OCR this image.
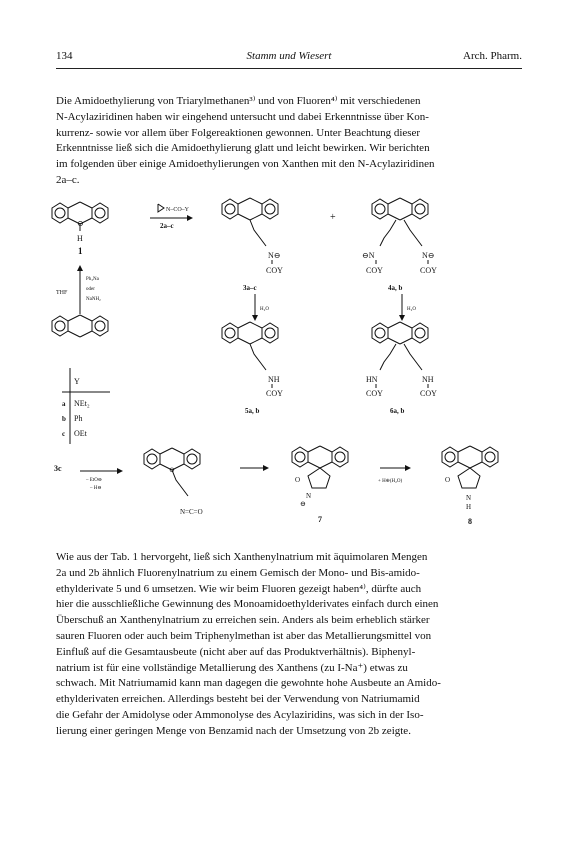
134	Stamm und Wiesert	Arch. Pharm.

Die Amidoethylierung von Triarylmethanen³⁾ und von Fluoren⁴⁾ mit verschiedenen
N-Acylaziridinen haben wir eingehend untersucht und dabei Erkenntnisse über Kon-
kurrenz- sowie vor allem über Folgereaktionen gewonnen. Unter Beachtung dieser
Erkenntnisse ließ sich die Amidoethylierung glatt und leicht bewirken. Wir berichten
im folgenden über einige Amidoethylierungen von Xanthen mit den N-Acylaziridinen
2a–c.

⊖
H
1
N–CO–Y
2a–c
N⊖
COY
3a–c
+
⊖N	N⊖
COY	COY
4a, b
THF
Ph₃Na
oder
NaNH₂
H₂O	H₂O
NH
COY
5a, b
HN	NH
COY	COY
6a, b
Y
a NEt₂
b Ph
c OEt
3c
– EtO⊖
– H⊖
⊖
N=C=O
O
N
⊖
7
+ H⊕(H₂O)	O
N
H
8

Wie aus der Tab. 1 hervorgeht, ließ sich Xanthenylnatrium mit äquimolaren Mengen
2a und 2b ähnlich Fluorenylnatrium zu einem Gemisch der Mono- und Bis-amido-
ethylderivate 5 und 6 umsetzen. Wie wir beim Fluoren gezeigt haben⁴⁾, dürfte auch
hier die ausschließliche Gewinnung des Monoamidoethylderivates einfach durch einen
Überschuß an Xanthenylnatrium zu erreichen sein. Anders als beim erheblich stärker
sauren Fluoren oder auch beim Triphenylmethan ist aber das Metallierungsmittel von
Einfluß auf die Gesamtausbeute (nicht aber auf das Produktverhältnis). Biphenyl-
natrium ist für eine vollständige Metallierung des Xanthens (zu I-Na⁺) etwas zu
schwach. Mit Natriumamid kann man dagegen die gewohnte hohe Ausbeute an Amido-
ethylderivaten erreichen. Allerdings besteht bei der Verwendung von Natriumamid
die Gefahr der Amidolyse oder Ammonolyse des Acylaziridins, was sich in der Iso-
lierung einer geringen Menge von Benzamid nach der Umsetzung von 2b zeigte.
